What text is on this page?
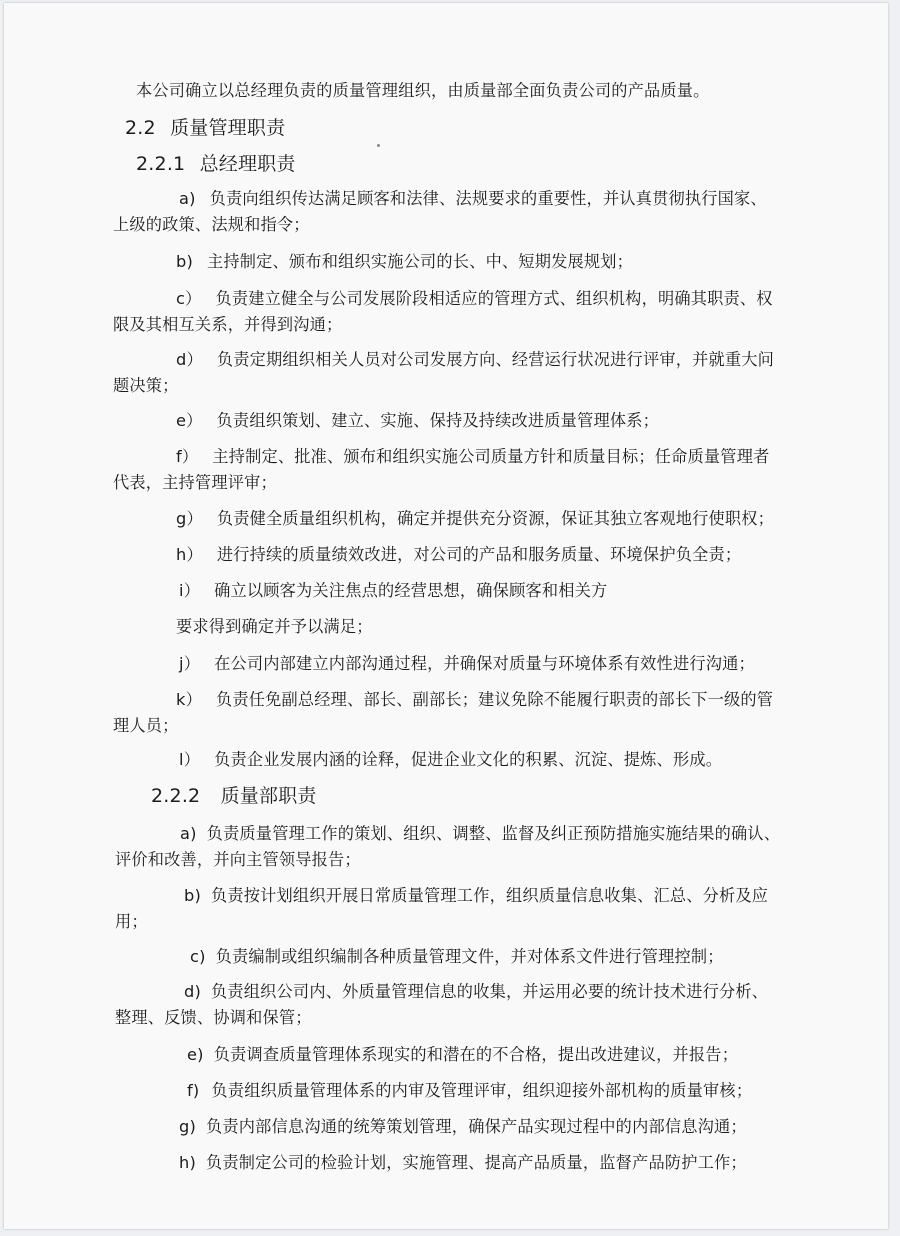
本公司确立以总经理负责的质量管理组织，由质量部全面负责公司的产品质量。
2.2 质量管理职责
2.2.1 总经理职责
a) 负责向组织传达满足顾客和法律、法规要求的重要性，并认真贯彻执行国家、
上级的政策、法规和指令；
b) 主持制定、颁布和组织实施公司的长、中、短期发展规划；
c） 负责建立健全与公司发展阶段相适应的管理方式、组织机构，明确其职责、权
限及其相互关系，并得到沟通；
d） 负责定期组织相关人员对公司发展方向、经营运行状况进行评审，并就重大问
题决策；
e） 负责组织策划、建立、实施、保持及持续改进质量管理体系；
f） 主持制定、批准、颁布和组织实施公司质量方针和质量目标；任命质量管理者
代表，主持管理评审；
g） 负责健全质量组织机构，确定并提供充分资源，保证其独立客观地行使职权；
h） 进行持续的质量绩效改进，对公司的产品和服务质量、环境保护负全责；
i） 确立以顾客为关注焦点的经营思想，确保顾客和相关方
要求得到确定并予以满足；
j） 在公司内部建立内部沟通过程，并确保对质量与环境体系有效性进行沟通；
k） 负责任免副总经理、部长、副部长；建议免除不能履行职责的部长下一级的管
理人员；
l） 负责企业发展内涵的诠释，促进企业文化的积累、沉淀、提炼、形成。
2.2.2 质量部职责
a) 负责质量管理工作的策划、组织、调整、监督及纠正预防措施实施结果的确认、
评价和改善，并向主管领导报告；
b) 负责按计划组织开展日常质量管理工作，组织质量信息收集、汇总、分析及应
用；
c) 负责编制或组织编制各种质量管理文件，并对体系文件进行管理控制；
d) 负责组织公司内、外质量管理信息的收集，并运用必要的统计技术进行分析、
整理、反馈、协调和保管；
e) 负责调查质量管理体系现实的和潜在的不合格，提出改进建议，并报告；
f) 负责组织质量管理体系的内审及管理评审，组织迎接外部机构的质量审核；
g) 负责内部信息沟通的统筹策划管理，确保产品实现过程中的内部信息沟通；
h) 负责制定公司的检验计划，实施管理、提高产品质量，监督产品防护工作；
